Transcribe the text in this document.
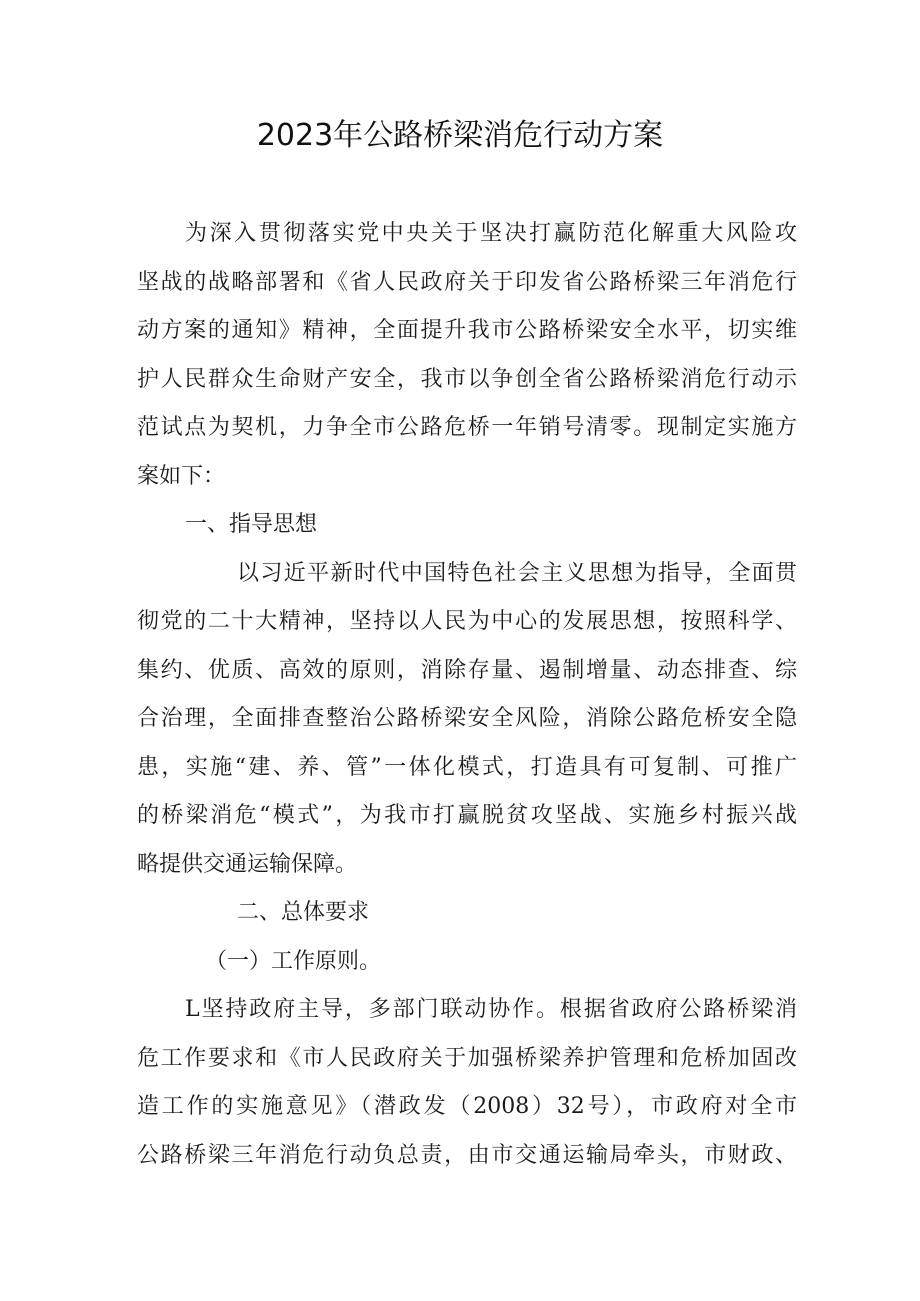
2023年公路桥梁消危行动方案
为深入贯彻落实党中央关于坚决打赢防范化解重大风险攻
坚战的战略部署和《省人民政府关于印发省公路桥梁三年消危行
动方案的通知》精神，全面提升我市公路桥梁安全水平，切实维
护人民群众生命财产安全，我市以争创全省公路桥梁消危行动示
范试点为契机，力争全市公路危桥一年销号清零。现制定实施方
案如下：
一、指导思想
以习近平新时代中国特色社会主义思想为指导，全面贯
彻党的二十大精神，坚持以人民为中心的发展思想，按照科学、
集约、优质、高效的原则，消除存量、遏制增量、动态排查、综
合治理，全面排查整治公路桥梁安全风险，消除公路危桥安全隐
患，实施“建、养、管”一体化模式，打造具有可复制、可推广
的桥梁消危“模式”，为我市打赢脱贫攻坚战、实施乡村振兴战
略提供交通运输保障。
二、总体要求
（一）工作原则。
L坚持政府主导，多部门联动协作。根据省政府公路桥梁消
危工作要求和《市人民政府关于加强桥梁养护管理和危桥加固改
造工作的实施意见》（潜政发（2008）32号），市政府对全市
公路桥梁三年消危行动负总责，由市交通运输局牵头，市财政、
